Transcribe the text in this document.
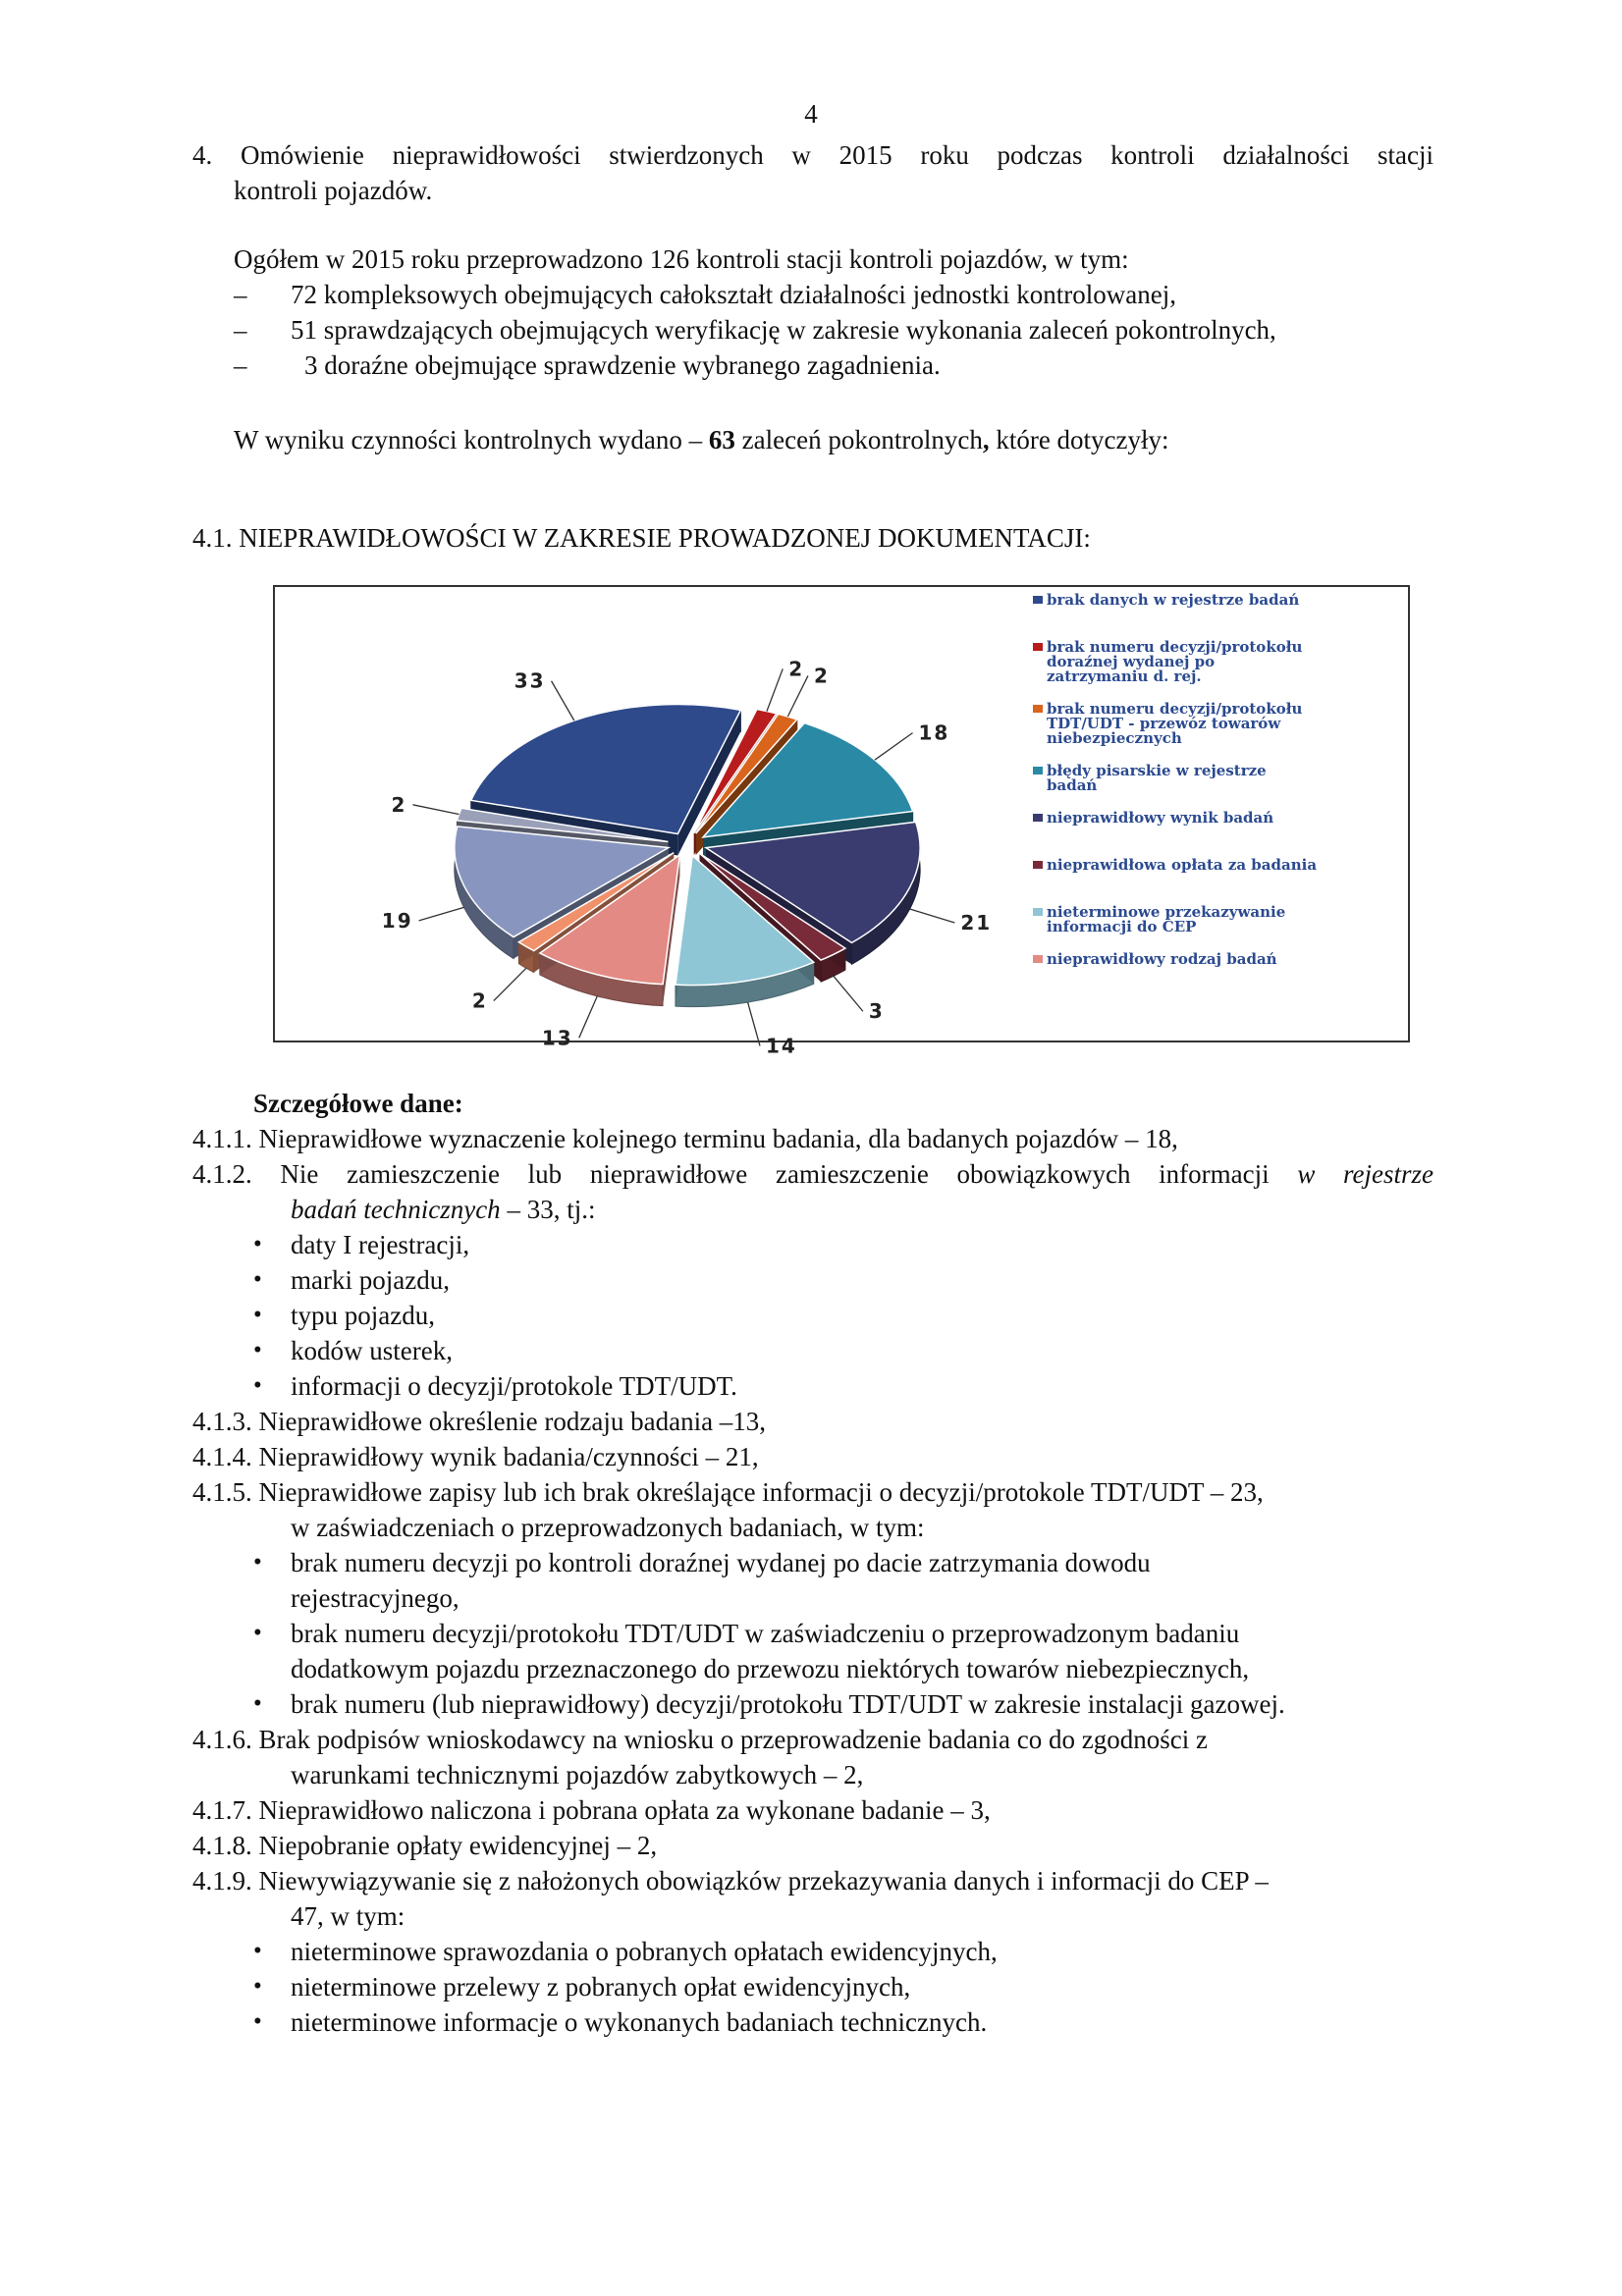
4
4. Omówienie nieprawidłowości stwierdzonych w 2015 roku podczas kontroli działalności stacji
kontroli pojazdów.
Ogółem w 2015 roku przeprowadzono 126 kontroli stacji kontroli pojazdów, w tym:
– 72 kompleksowych obejmujących całokształt działalności jednostki kontrolowanej,
– 51 sprawdzających obejmujących weryfikację w zakresie wykonania zaleceń pokontrolnych,
– 3 doraźne obejmujące sprawdzenie wybranego zagadnienia.
W wyniku czynności kontrolnych wydano – 63 zaleceń pokontrolnych, które dotyczyły:
4.1. NIEPRAWIDŁOWOŚCI W ZAKRESIE PROWADZONEJ DOKUMENTACJI:
33
2 2
18
21
3
14
13
2
19
2
brak danych w rejestrze badań
brak numeru decyzji/protokołu
doraźnej wydanej po
zatrzymaniu d. rej.
brak numeru decyzji/protokołu
TDT/UDT - przewóz towarów
niebezpiecznych
błędy pisarskie w rejestrze
badań
nieprawidłowy wynik badań
nieprawidłowa opłata za badania
nieterminowe przekazywanie
informacji do CEP
nieprawidłowy rodzaj badań
Szczegółowe dane:
4.1.1. Nieprawidłowe wyznaczenie kolejnego terminu badania, dla badanych pojazdów – 18,
4.1.2. Nie zamieszczenie lub nieprawidłowe zamieszczenie obowiązkowych informacji w rejestrze
badań technicznych – 33, tj.:
• daty I rejestracji,
• marki pojazdu,
• typu pojazdu,
• kodów usterek,
• informacji o decyzji/protokole TDT/UDT.
4.1.3. Nieprawidłowe określenie rodzaju badania –13,
4.1.4. Nieprawidłowy wynik badania/czynności – 21,
4.1.5. Nieprawidłowe zapisy lub ich brak określające informacji o decyzji/protokole TDT/UDT – 23,
w zaświadczeniach o przeprowadzonych badaniach, w tym:
• brak numeru decyzji po kontroli doraźnej wydanej po dacie zatrzymania dowodu
rejestracyjnego,
• brak numeru decyzji/protokołu TDT/UDT w zaświadczeniu o przeprowadzonym badaniu
dodatkowym pojazdu przeznaczonego do przewozu niektórych towarów niebezpiecznych,
• brak numeru (lub nieprawidłowy) decyzji/protokołu TDT/UDT w zakresie instalacji gazowej.
4.1.6. Brak podpisów wnioskodawcy na wniosku o przeprowadzenie badania co do zgodności z
warunkami technicznymi pojazdów zabytkowych – 2,
4.1.7. Nieprawidłowo naliczona i pobrana opłata za wykonane badanie – 3,
4.1.8. Niepobranie opłaty ewidencyjnej – 2,
4.1.9. Niewywiązywanie się z nałożonych obowiązków przekazywania danych i informacji do CEP –
47, w tym:
• nieterminowe sprawozdania o pobranych opłatach ewidencyjnych,
• nieterminowe przelewy z pobranych opłat ewidencyjnych,
• nieterminowe informacje o wykonanych badaniach technicznych.
